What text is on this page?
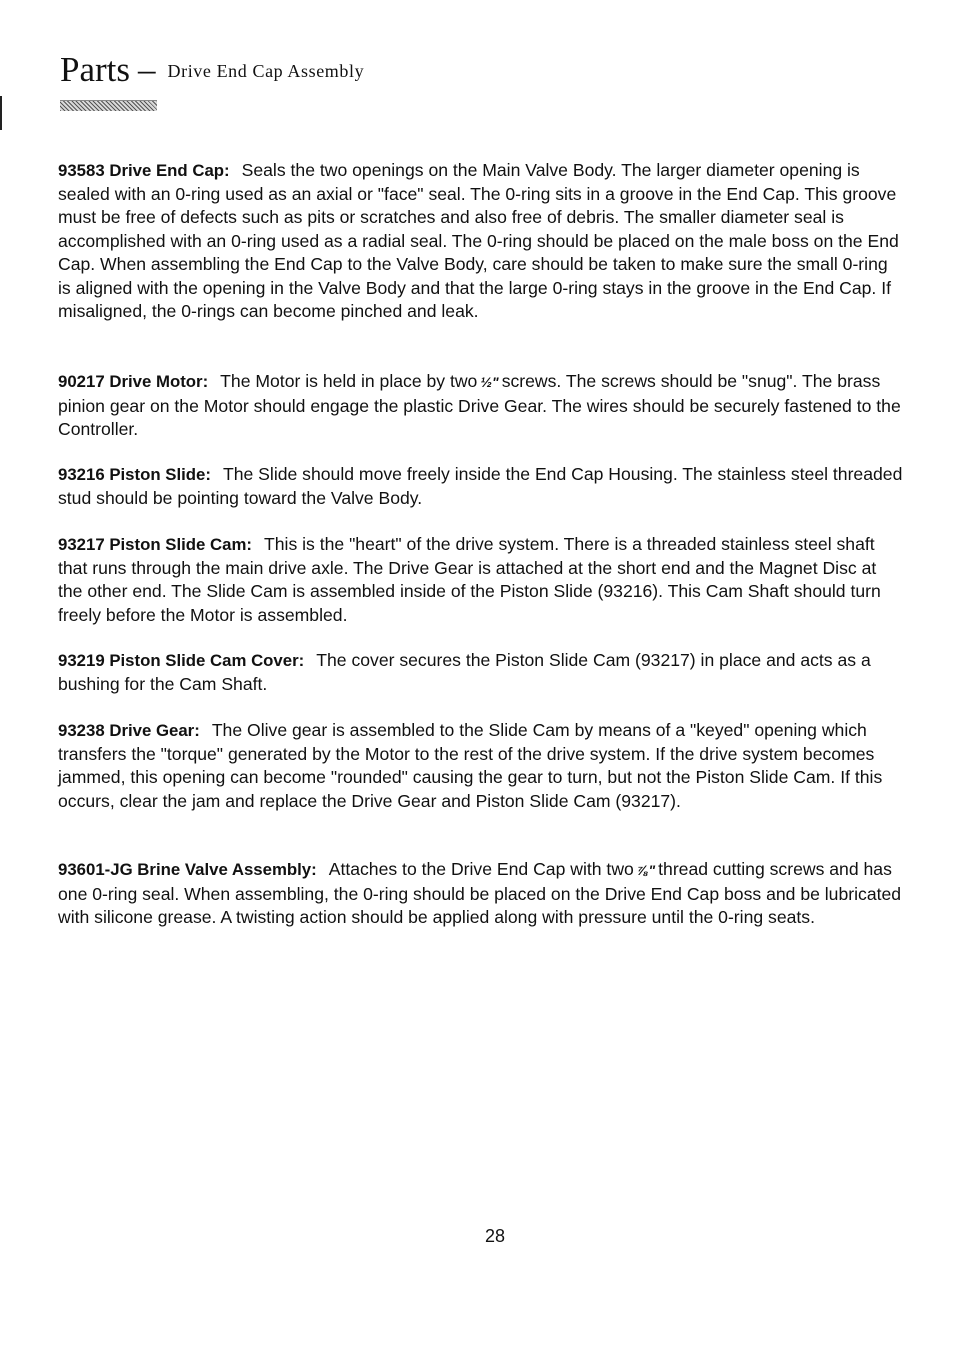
Parts – Drive End Cap Assembly
93583 Drive End Cap: Seals the two openings on the Main Valve Body. The larger diameter opening is sealed with an 0-ring used as an axial or "face" seal. The 0-ring sits in a groove in the End Cap. This groove must be free of defects such as pits or scratches and also free of debris. The smaller diameter seal is accomplished with an 0-ring used as a radial seal. The 0-ring should be placed on the male boss on the End Cap. When assembling the End Cap to the Valve Body, care should be taken to make sure the small 0-ring is aligned with the opening in the Valve Body and that the large 0-ring stays in the groove in the End Cap. If misaligned, the 0-rings can become pinched and leak.
90217 Drive Motor: The Motor is held in place by two ½" screws. The screws should be "snug". The brass pinion gear on the Motor should engage the plastic Drive Gear. The wires should be securely fastened to the Controller.
93216 Piston Slide: The Slide should move freely inside the End Cap Housing. The stainless steel threaded stud should be pointing toward the Valve Body.
93217 Piston Slide Cam: This is the "heart" of the drive system. There is a threaded stainless steel shaft that runs through the main drive axle. The Drive Gear is attached at the short end and the Magnet Disc at the other end. The Slide Cam is assembled inside of the Piston Slide (93216). This Cam Shaft should turn freely before the Motor is assembled.
93219 Piston Slide Cam Cover: The cover secures the Piston Slide Cam (93217) in place and acts as a bushing for the Cam Shaft.
93238 Drive Gear: The Olive gear is assembled to the Slide Cam by means of a "keyed" opening which transfers the "torque" generated by the Motor to the rest of the drive system. If the drive system becomes jammed, this opening can become "rounded" causing the gear to turn, but not the Piston Slide Cam. If this occurs, clear the jam and replace the Drive Gear and Piston Slide Cam (93217).
93601-JG Brine Valve Assembly: Attaches to the Drive End Cap with two ⅞" thread cutting screws and has one 0-ring seal. When assembling, the 0-ring should be placed on the Drive End Cap boss and be lubricated with silicone grease. A twisting action should be applied along with pressure until the 0-ring seats.
28
